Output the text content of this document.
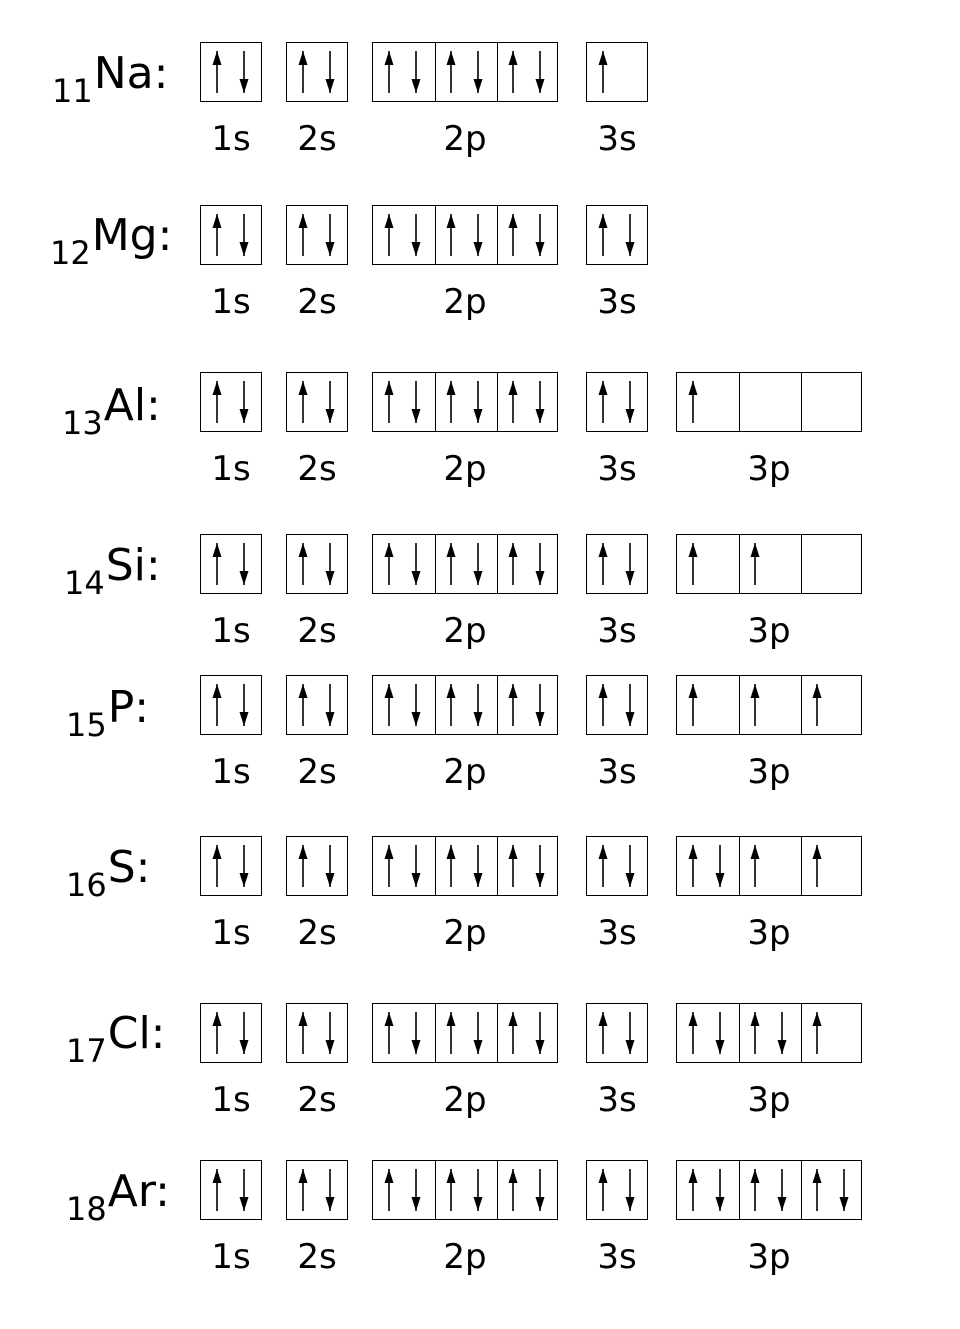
$_{11}$Na:
1s	2s	2p	3s
$_{12}$Mg:
1s	2s	2p	3s
$_{13}$Al:
1s	2s	2p	3s	3p
$_{14}$Si:
1s	2s	2p	3s	3p
$_{15}$P:
1s	2s	2p	3s	3p
$_{16}$S:
1s	2s	2p	3s	3p
$_{17}$Cl:
1s	2s	2p	3s	3p
$_{18}$Ar:
1s	2s	2p	3s	3p
